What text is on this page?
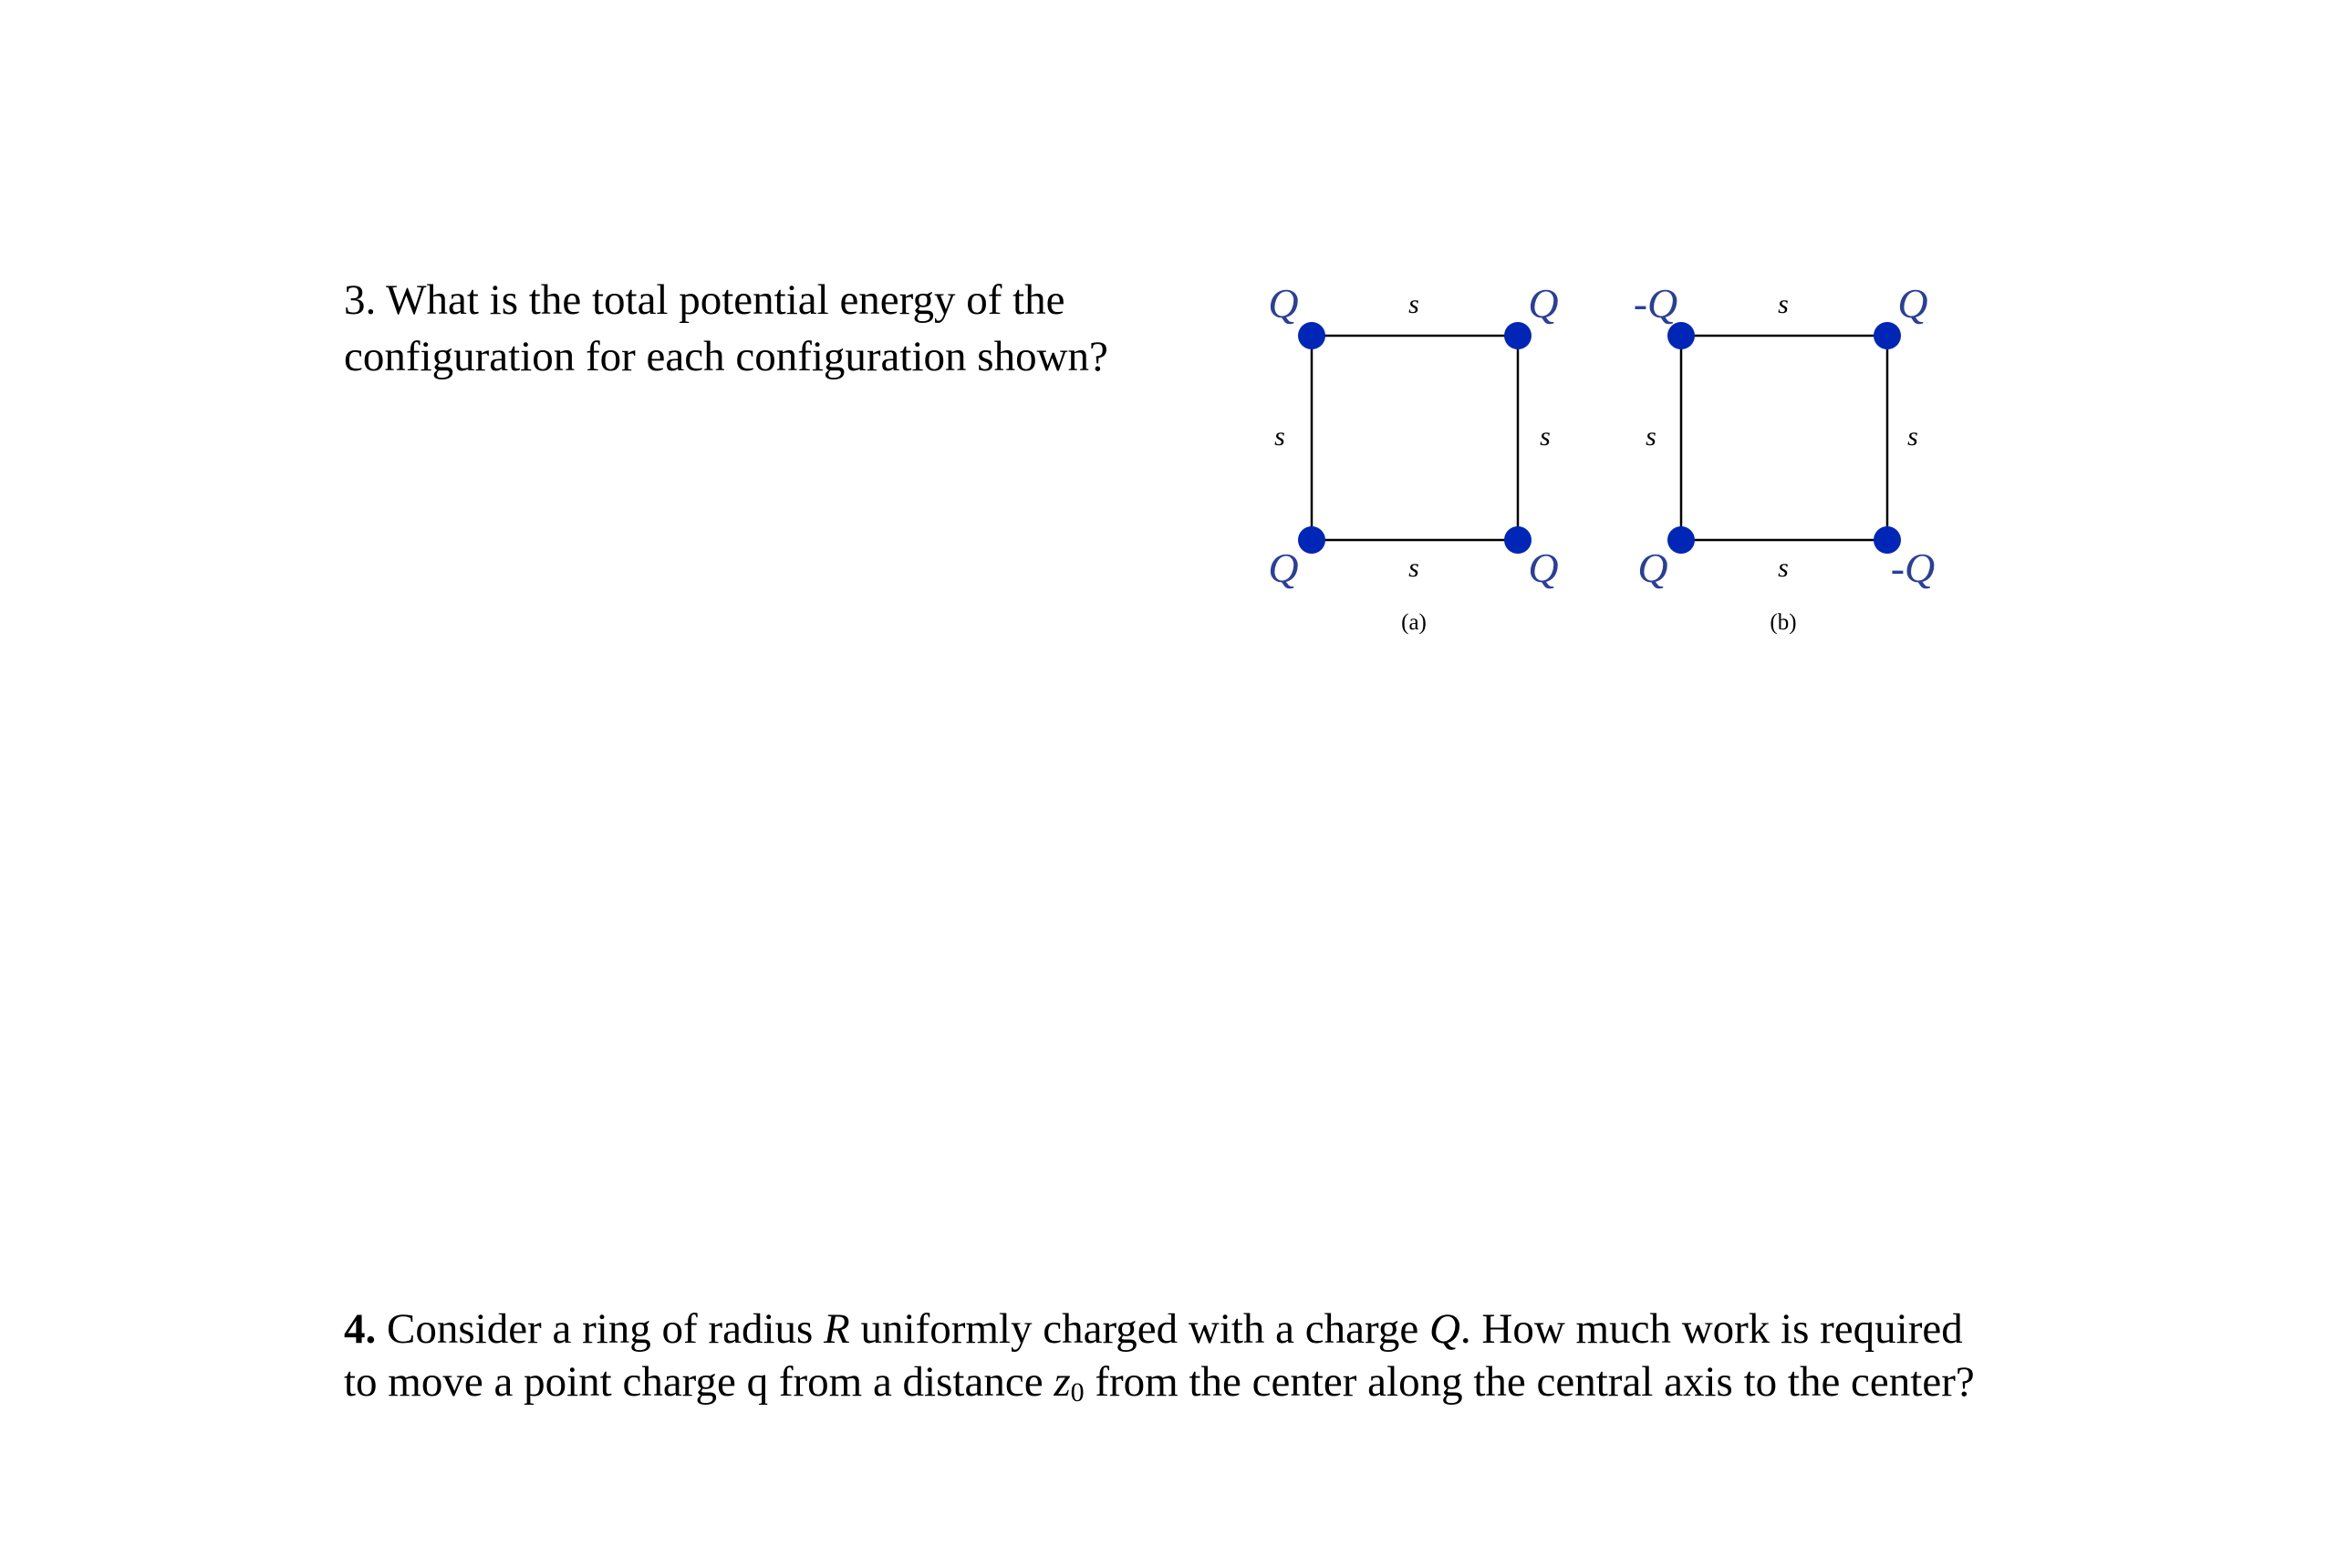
3. What is the total potential energy of the configuration for each configuration shown?
Q	Q
Q	Q
s
s
s	s
(a)
-Q	Q
Q	-Q
s
s
s	s
(b)
4. Consider a ring of radius R uniformly charged with a charge Q. How much work is required to move a point charge q from a distance $z_0$ from the center along the central axis to the center?
